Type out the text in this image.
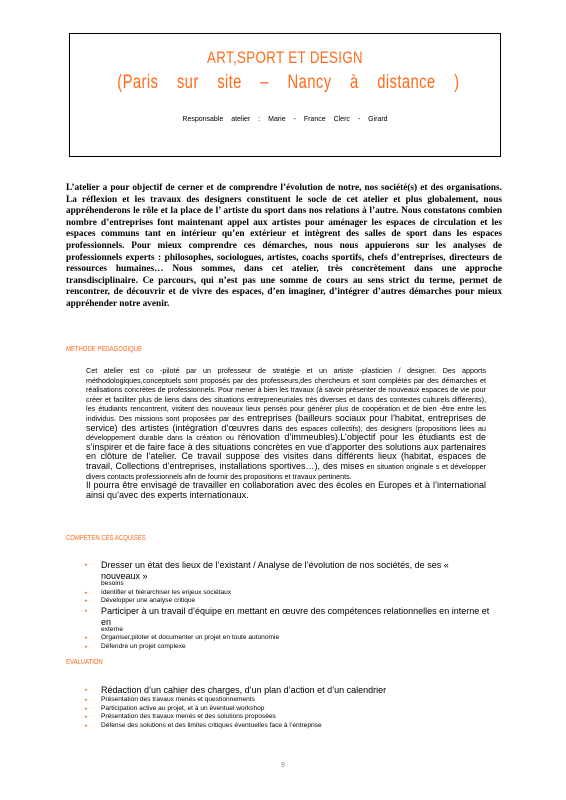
ART,SPORT ET DESIGN
(Paris sur site – Nancy à distance )
Responsable atelier : Marie - France Clerc - Girard
L’atelier a pour objectif de cerner et de comprendre l’évolution de notre, nos société(s) et des organisations. La réflexion et les travaux des designers constituent le socle de cet atelier et plus globalement, nous appréhenderons le rôle et la place de l’ artiste du sport dans nos relations à l’autre. Nous constatons combien nombre d’entreprises font maintenant appel aux artistes pour aménager les espaces de circulation et les espaces communs tant en intérieur qu’en extérieur et intègrent des salles de sport dans les espaces professionnels. Pour mieux comprendre ces démarches, nous nous appuierons sur les analyses de professionnels experts : philosophes, sociologues, artistes, coachs sportifs, chefs d’entreprises, directeurs de ressources humaines… Nous sommes, dans cet atelier, très concrètement dans une approche transdisciplinaire. Ce parcours, qui n’est pas une somme de cours au sens strict du terme, permet de rencontrer, de découvrir et de vivre des espaces, d’en imaginer, d’intégrer d’autres démarches pour mieux appréhender notre avenir.
METHODE PEDAGOGIQUE
Cet atelier est co -piloté par un professeur de stratégie et un artiste -plasticien / designer. Des apports méthodologiques,conceptuels sont proposés par des professeurs,des chercheurs et sont complétés par des démarches et réalisations concrètes de professionnels. Pour mener à bien les travaux (à savoir présenter de nouveaux espaces de vie pour créer et faciliter plus de liens dans des situations entrepreneuriales très diverses et dans des contextes culturels différents), les étudiants rencontrent, visitent des nouveaux lieux pensés pour générer plus de coopération et de bien -être entre les individus. Des missions sont proposées par des entreprises (bailleurs sociaux pour l’habitat, entreprises de service) des artistes (intégration d’œuvres dans des espaces collectifs), des designers (propositions liées au développement durable dans la création ou rénovation d’immeubles).L’objectif pour les étudiants est de s’inspirer et de faire face à des situations concrètes en vue d’apporter des solutions aux partenaires en clôture de l’atelier. Ce travail suppose des visites dans différents lieux (habitat, espaces de travail, Collections d’entreprises, installations sportives…), des mises en situation originale s et développer divers contacts professionnels afin de fournir des propositions et travaux pertinents.
Il pourra être envisagé de travailler en collaboration avec des écoles en Europes et à l’international ainsi qu’avec des experts internationaux.
COMPETEN CES ACQUISES
▸ Dresser un état des lieux de l’existant / Analyse de l’évolution de nos sociétés, de ses « nouveaux »
besoins
▸ Identifier et hiérarchiser les enjeux sociétaux
▸ Développer une analyse critique
▸ Participer à un travail d’équipe en mettant en œuvre des compétences relationnelles en interne et en
externe
▸ Organiser,piloter et documenter un projet en toute autonomie
▸ Défendre un projet complexe
EVALUATION
▸ Rédaction d’un cahier des charges, d’un plan d’action et d’un calendrier
▸ Présentation des travaux menés et questionnements
▸ Participation active au projet, et à un éventuel workshop
▸ Présentation des travaux menés et des solutions proposées
▸ Défense des solutions et des limites critiques éventuelles face à l’entreprise
9
